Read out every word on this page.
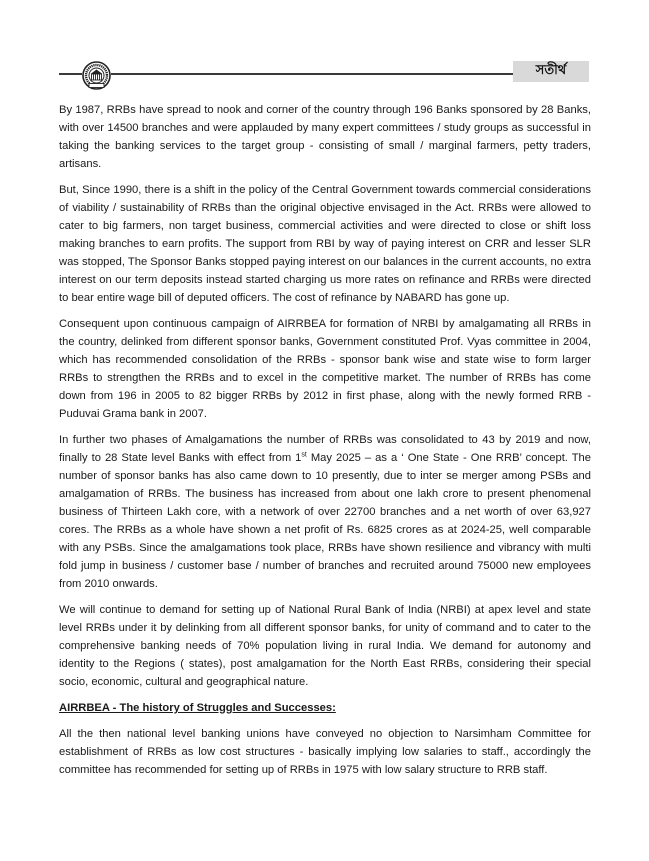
সতীর্থ

By 1987, RRBs have spread to nook and corner of the country through 196 Banks sponsored by 28 Banks, with over 14500 branches and were applauded by many expert committees / study groups as successful in taking the banking services to the target group - consisting of small / marginal farmers, petty traders, artisans.

But, Since 1990, there is a shift in the policy of the Central Government towards commercial considerations of viability / sustainability of RRBs than the original objective envisaged in the Act. RRBs were allowed to cater to big farmers, non target business, commercial activities and were directed to close or shift loss making branches to earn profits. The support from RBI by way of paying interest on CRR and lesser SLR was stopped, The Sponsor Banks stopped paying interest on our balances in the current accounts, no extra interest on our term deposits instead started charging us more rates on refinance and RRBs were directed to bear entire wage bill of deputed officers. The cost of refinance by NABARD has gone up.

Consequent upon continuous campaign of AIRRBEA for formation of NRBI by amalgamating all RRBs in the country, delinked from different sponsor banks, Government constituted Prof. Vyas committee in 2004, which has recommended consolidation of the RRBs - sponsor bank wise and state wise to form larger RRBs to strengthen the RRBs and to excel in the competitive market. The number of RRBs has come down from 196 in 2005 to 82 bigger RRBs by 2012 in first phase, along with the newly formed RRB - Puduvai Grama bank in 2007.

In further two phases of Amalgamations the number of RRBs was consolidated to 43 by 2019 and now, finally to 28 State level Banks with effect from 1st May 2025 – as a ‘ One State - One RRB’ concept. The number of sponsor banks has also came down to 10 presently, due to inter se merger among PSBs and amalgamation of RRBs. The business has increased from about one lakh crore to present phenomenal business of Thirteen Lakh core, with a network of over 22700 branches and a net worth of over 63,927 cores. The RRBs as a whole have shown a net profit of Rs. 6825 crores as at 2024-25, well comparable with any PSBs. Since the amalgamations took place, RRBs have shown resilience and vibrancy with multi fold jump in business / customer base / number of branches and recruited around 75000 new employees from 2010 onwards.

We will continue to demand for setting up of National Rural Bank of India (NRBI) at apex level and state level RRBs under it by delinking from all different sponsor banks, for unity of command and to cater to the comprehensive banking needs of 70% population living in rural India. We demand for autonomy and identity to the Regions ( states), post amalgamation for the North East RRBs, considering their special socio, economic, cultural and geographical nature.

AIRRBEA - The history of Struggles and Successes:

All the then national level banking unions have conveyed no objection to Narsimham Committee for establishment of RRBs as low cost structures - basically implying low salaries to staff., accordingly the committee has recommended for setting up of RRBs in 1975 with low salary structure to RRB staff.
